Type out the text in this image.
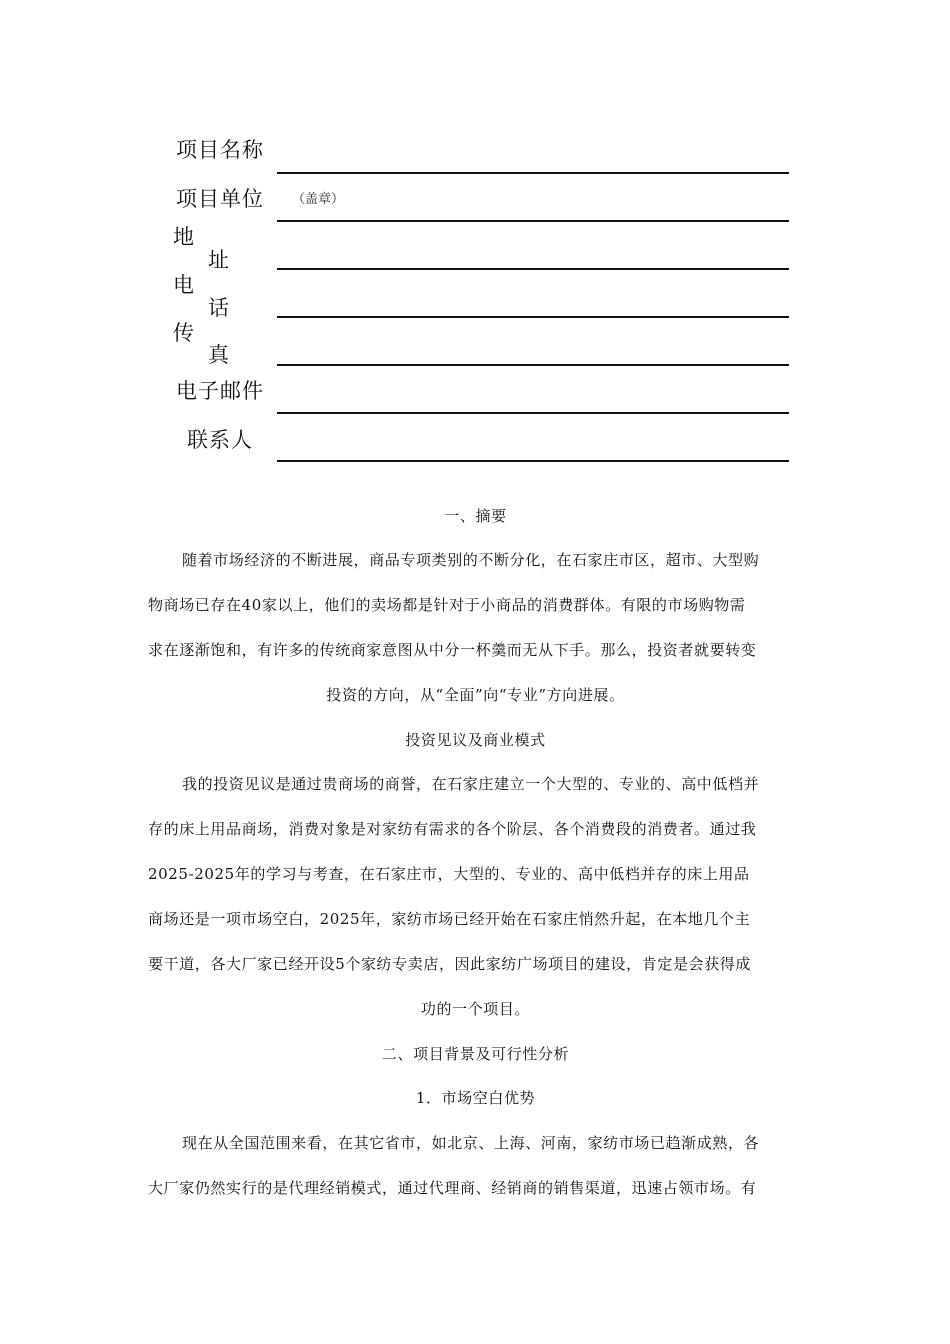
项目名称
项目单位 （盖章）
地
址
电
话
传
真
电子邮件
联系人
一、摘要
随着市场经济的不断进展，商品专项类别的不断分化，在石家庄市区，超市、大型购
物商场已存在40家以上，他们的卖场都是针对于小商品的消费群体。有限的市场购物需
求在逐渐饱和，有许多的传统商家意图从中分一杯羹而无从下手。那么，投资者就要转变
投资的方向，从“全面”向“专业”方向进展。
投资见议及商业模式
我的投资见议是通过贵商场的商誉，在石家庄建立一个大型的、专业的、高中低档并
存的床上用品商场，消费对象是对家纺有需求的各个阶层、各个消费段的消费者。通过我
2025-2025年的学习与考查，在石家庄市，大型的、专业的、高中低档并存的床上用品
商场还是一项市场空白，2025年，家纺市场已经开始在石家庄悄然升起，在本地几个主
要干道，各大厂家已经开设5个家纺专卖店，因此家纺广场项目的建设，肯定是会获得成
功的一个项目。
二、项目背景及可行性分析
1．市场空白优势
现在从全国范围来看，在其它省市，如北京、上海、河南，家纺市场已趋渐成熟，各
大厂家仍然实行的是代理经销模式，通过代理商、经销商的销售渠道，迅速占领市场。有
